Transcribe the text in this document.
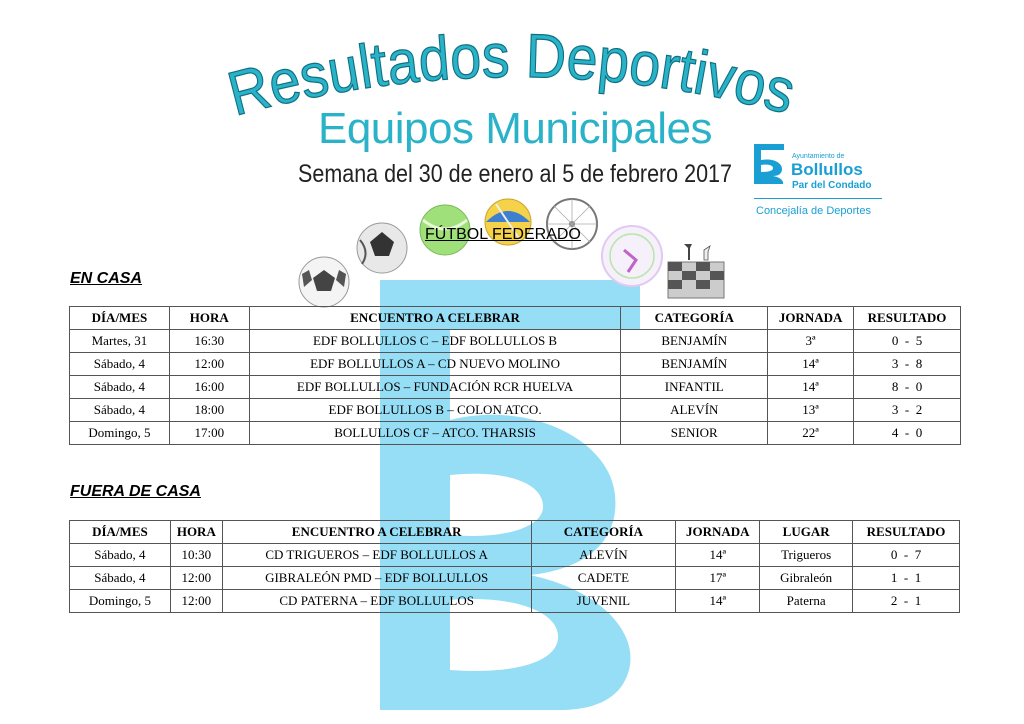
Resultados Deportivos
Equipos Municipales
Semana del 30 de enero al 5 de febrero 2017
Ayuntamiento de
Bollullos
Par del Condado
Concejalía de Deportes
FÚTBOL FEDERADO
EN CASA
DÍA/MES	HORA	ENCUENTRO A CELEBRAR	CATEGORÍA	JORNADA	RESULTADO
Martes, 31	16:30	EDF BOLLULLOS C – EDF BOLLULLOS B	BENJAMÍN	3ª	0  -  5
Sábado, 4	12:00	EDF BOLLULLOS A – CD NUEVO MOLINO	BENJAMÍN	14ª	3  -  8
Sábado, 4	16:00	EDF BOLLULLOS – FUNDACIÓN RCR HUELVA	INFANTIL	14ª	8  -  0
Sábado, 4	18:00	EDF BOLLULLOS B – COLON ATCO.	ALEVÍN	13ª	3  -  2
Domingo, 5	17:00	BOLLULLOS CF – ATCO. THARSIS	SENIOR	22ª	4  -  0
FUERA DE CASA
DÍA/MES	HORA	ENCUENTRO A CELEBRAR	CATEGORÍA	JORNADA	LUGAR	RESULTADO
Sábado, 4	10:30	CD TRIGUEROS – EDF BOLLULLOS A	ALEVÍN	14ª	Trigueros	0  -  7
Sábado, 4	12:00	GIBRALEÓN PMD – EDF BOLLULLOS	CADETE	17ª	Gibraleón	1  -  1
Domingo, 5	12:00	CD PATERNA – EDF BOLLULLOS	JUVENIL	14ª	Paterna	2  -  1
